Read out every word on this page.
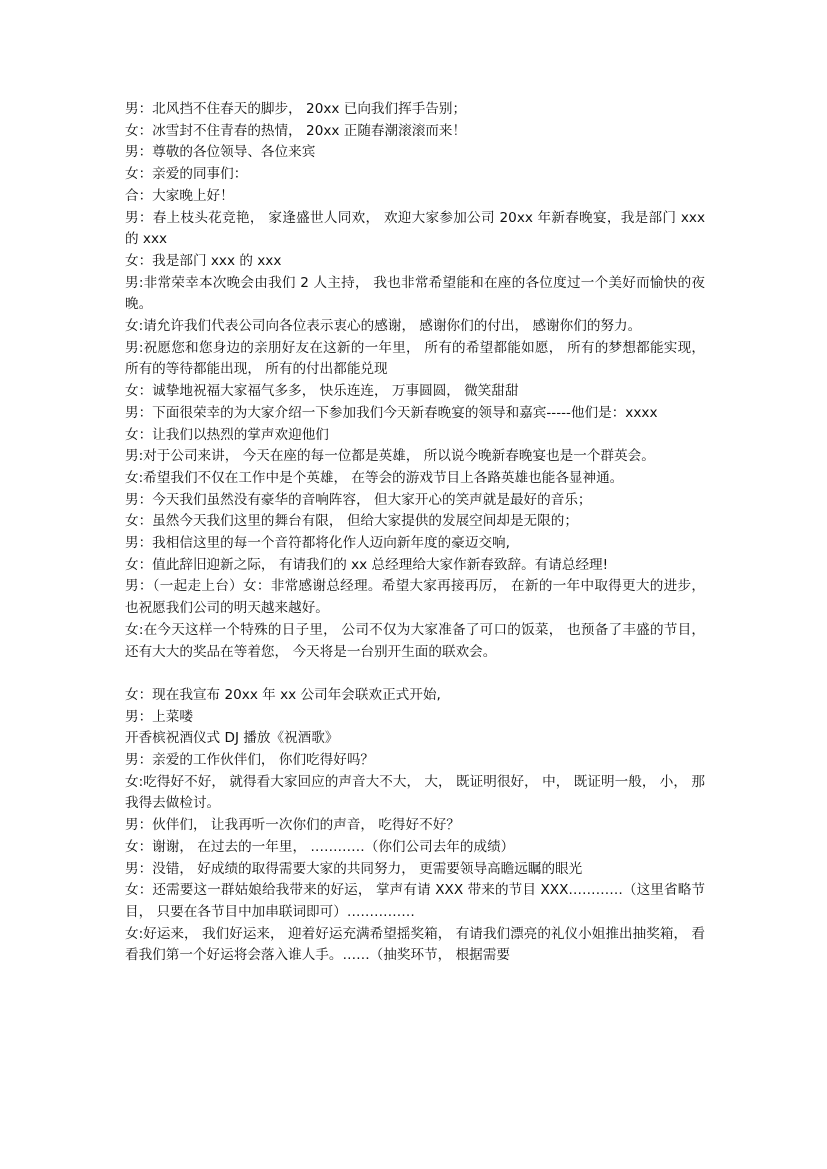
男：北风挡不住春天的脚步， 20xx 已向我们挥手告别；

女：冰雪封不住青春的热情， 20xx 正随春潮滚滚而来！

男：尊敬的各位领导、各位来宾

女：亲爱的同事们：

合：大家晚上好！

男：春上枝头花竞艳， 家逢盛世人同欢， 欢迎大家参加公司 20xx 年新春晚宴，我是部门 xxx 的 xxx

女：我是部门 xxx 的 xxx

男:非常荣幸本次晚会由我们 2 人主持， 我也非常希望能和在座的各位度过一个美好而愉快的夜晚。

女:请允许我们代表公司向各位表示衷心的感谢， 感谢你们的付出， 感谢你们的努力。

男:祝愿您和您身边的亲朋好友在这新的一年里， 所有的希望都能如愿， 所有的梦想都能实现， 所有的等待都能出现， 所有的付出都能兑现

女：诚挚地祝福大家福气多多， 快乐连连， 万事圆圆， 微笑甜甜

男：下面很荣幸的为大家介绍一下参加我们今天新春晚宴的领导和嘉宾-----他们是：xxxx

女：让我们以热烈的掌声欢迎他们

男:对于公司来讲， 今天在座的每一位都是英雄， 所以说今晚新春晚宴也是一个群英会。

女:希望我们不仅在工作中是个英雄， 在等会的游戏节目上各路英雄也能各显神通。

男：今天我们虽然没有豪华的音响阵容， 但大家开心的笑声就是最好的音乐；

女：虽然今天我们这里的舞台有限， 但给大家提供的发展空间却是无限的；

男：我相信这里的每一个音符都将化作人迈向新年度的豪迈交响,

女：值此辞旧迎新之际， 有请我们的 xx 总经理给大家作新春致辞。有请总经理!

男：（一起走上台）女：非常感谢总经理。希望大家再接再厉， 在新的一年中取得更大的进步， 也祝愿我们公司的明天越来越好。

女:在今天这样一个特殊的日子里， 公司不仅为大家准备了可口的饭菜， 也预备了丰盛的节目， 还有大大的奖品在等着您， 今天将是一台别开生面的联欢会。

女：现在我宣布 20xx 年 xx 公司年会联欢正式开始,

男：上菜喽

开香槟祝酒仪式 DJ 播放《祝酒歌》

男：亲爱的工作伙伴们， 你们吃得好吗？

女:吃得好不好， 就得看大家回应的声音大不大， 大， 既证明很好， 中， 既证明一般， 小， 那我得去做检讨。

男：伙伴们， 让我再听一次你们的声音， 吃得好不好？

女：谢谢， 在过去的一年里， …………（你们公司去年的成绩）

男：没错， 好成绩的取得需要大家的共同努力， 更需要领导高瞻远瞩的眼光

女：还需要这一群姑娘给我带来的好运， 掌声有请 XXX 带来的节目 XXX…………（这里省略节目， 只要在各节目中加串联词即可）……………

女:好运来， 我们好运来， 迎着好运充满希望摇奖箱， 有请我们漂亮的礼仪小姐推出抽奖箱， 看看我们第一个好运将会落入谁人手。……（抽奖环节， 根据需要
